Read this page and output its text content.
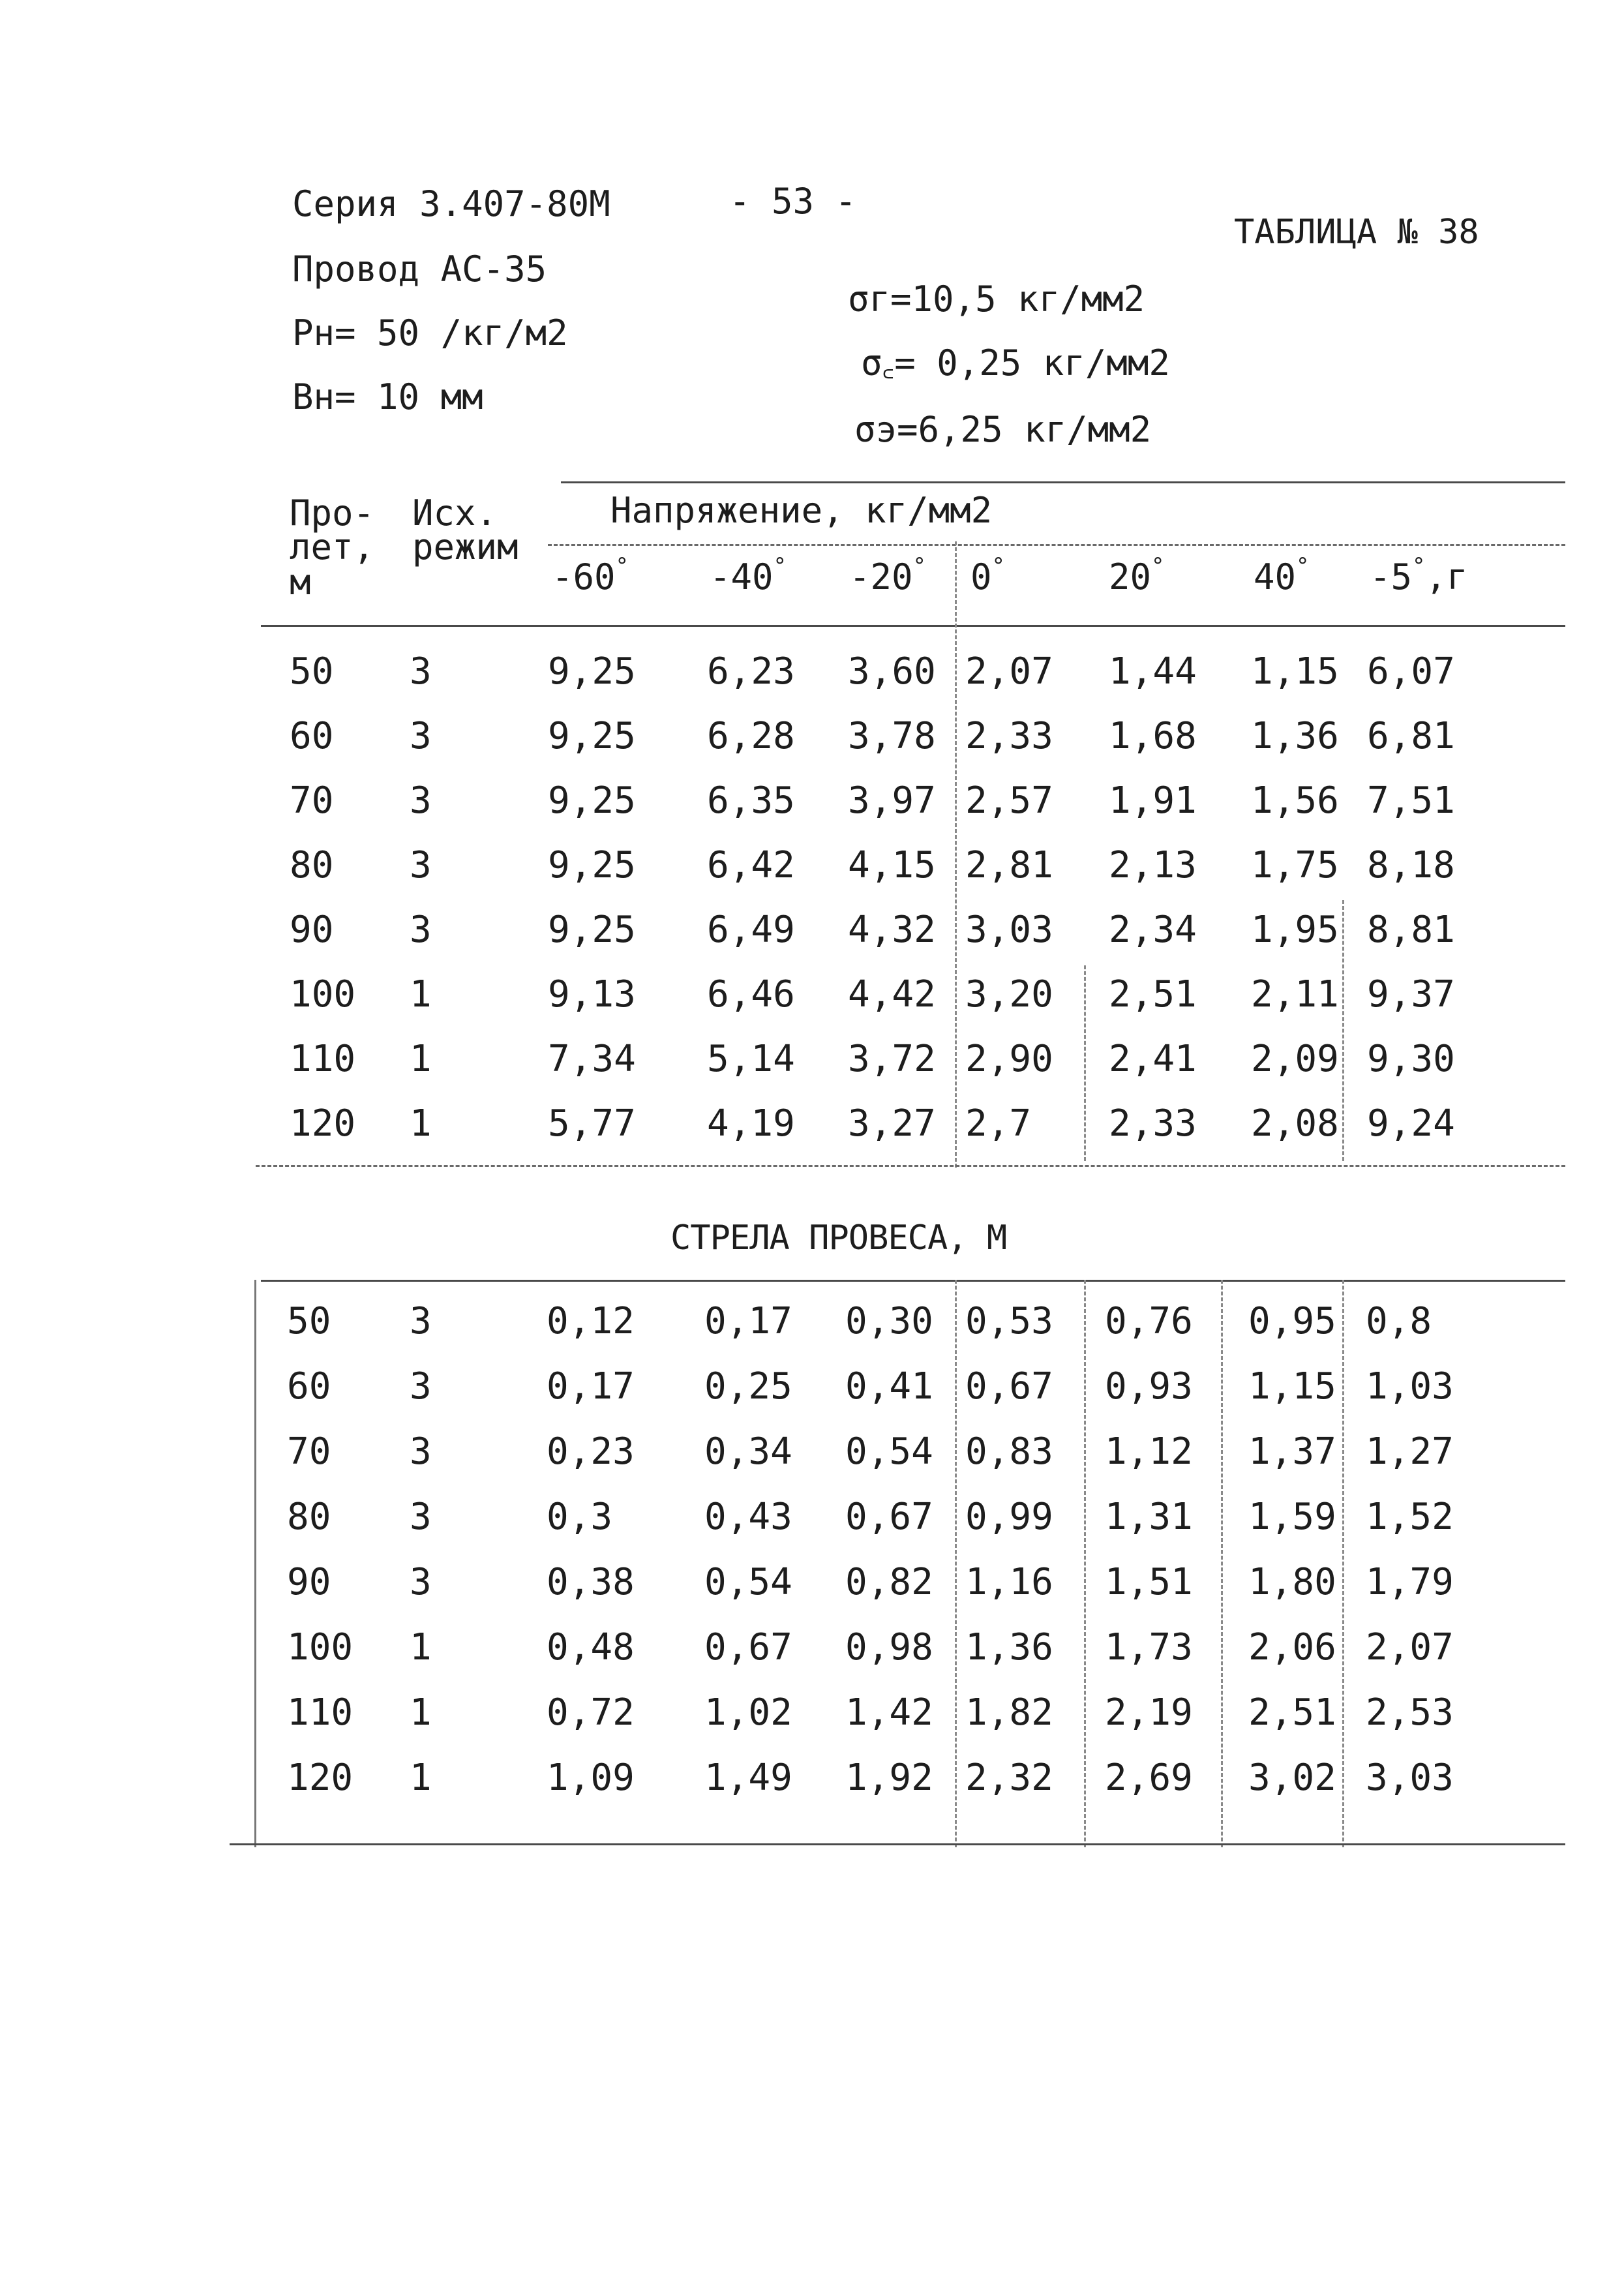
Серия 3.407-80М	- 53 -
ТАБЛИЦА № 38
Провод АС-35
Рн= 50 /кг/м2
Вн= 10 мм
σг=10,5 кг/мм2
σ꜀= 0,25 кг/мм2
σэ=6,25 кг/мм2
Про-
лет,
м
Исх.
режим
Напряжение, кг/мм2
-60° -40° -20° 0°	20°	40° -5°,г
50 3	9,25 6,23 3,60 2,07 1,44 1,15 6,07
60 3	9,25 6,28 3,78 2,33 1,68 1,36 6,81
70 3	9,25 6,35 3,97 2,57 1,91 1,56 7,51
80 3	9,25 6,42 4,15 2,81 2,13 1,75 8,18
90 3	9,25 6,49 4,32 3,03 2,34 1,95 8,81
100 1	9,13 6,46 4,42 3,20 2,51 2,11 9,37
110 1	7,34 5,14 3,72 2,90 2,41 2,09 9,30
120 1	5,77 4,19 3,27 2,7 2,33 2,08 9,24
СТРЕЛА ПРОВЕСА, М
50 3	0,12 0,17 0,30 0,53 0,76 0,95 0,8
60 3	0,17 0,25 0,41 0,67 0,93 1,15 1,03
70 3	0,23 0,34 0,54 0,83 1,12 1,37 1,27
80 3	0,3	0,43 0,67 0,99 1,31 1,59 1,52
90 3	0,38 0,54 0,82 1,16 1,51 1,80 1,79
100 1	0,48 0,67 0,98 1,36 1,73 2,06 2,07
110 1	0,72 1,02 1,42 1,82 2,19 2,51 2,53
120 1	1,09 1,49 1,92 2,32 2,69 3,02 3,03
